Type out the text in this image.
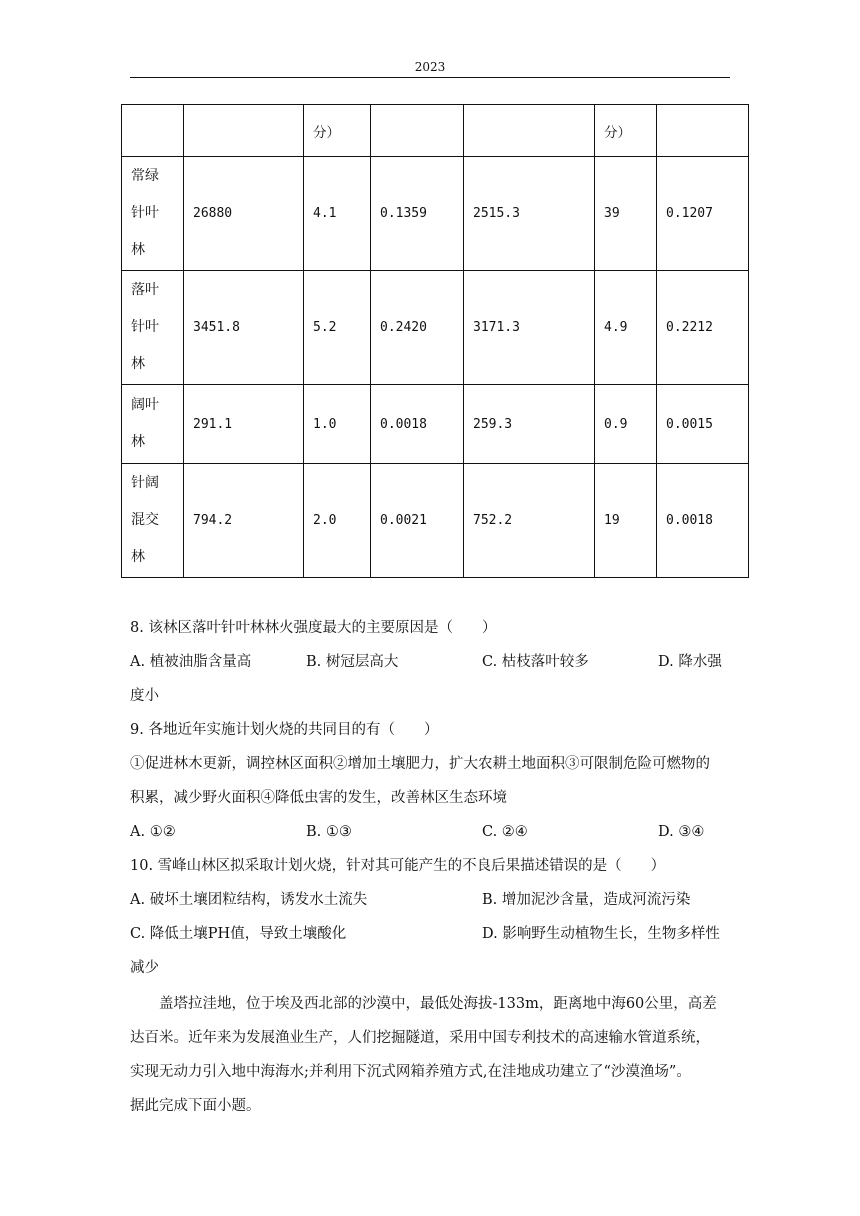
2023
		分）			分）	
常绿
针叶
林	26880	4.1	0.1359	2515.3	39	0.1207
落叶
针叶
林	3451.8	5.2	0.2420	3171.3	4.9	0.2212
阔叶
林	291.1	1.0	0.0018	259.3	0.9	0.0015
针阔
混交
林	794.2	2.0	0.0021	752.2	19	0.0018
8. 该林区落叶针叶林林火强度最大的主要原因是（　　）
A. 植被油脂含量高	B. 树冠层高大	C. 枯枝落叶较多	D. 降水强
度小
9. 各地近年实施计划火烧的共同目的有（　　）
①促进林木更新，调控林区面积②增加土壤肥力，扩大农耕土地面积③可限制危险可燃物的
积累，减少野火面积④降低虫害的发生，改善林区生态环境
A. ①②	B. ①③	C. ②④	D. ③④
10. 雪峰山林区拟采取计划火烧，针对其可能产生的不良后果描述错误的是（　　）
A. 破坏土壤团粒结构，诱发水土流失	B. 增加泥沙含量，造成河流污染
C. 降低土壤PH值，导致土壤酸化	D. 影响野生动植物生长，生物多样性
减少
盖塔拉洼地，位于埃及西北部的沙漠中，最低处海拔-133m，距离地中海60公里，高差
达百米。近年来为发展渔业生产，人们挖掘隧道，采用中国专利技术的高速输水管道系统，
实现无动力引入地中海海水;并利用下沉式网箱养殖方式,在洼地成功建立了“沙漠渔场”。
据此完成下面小题。
